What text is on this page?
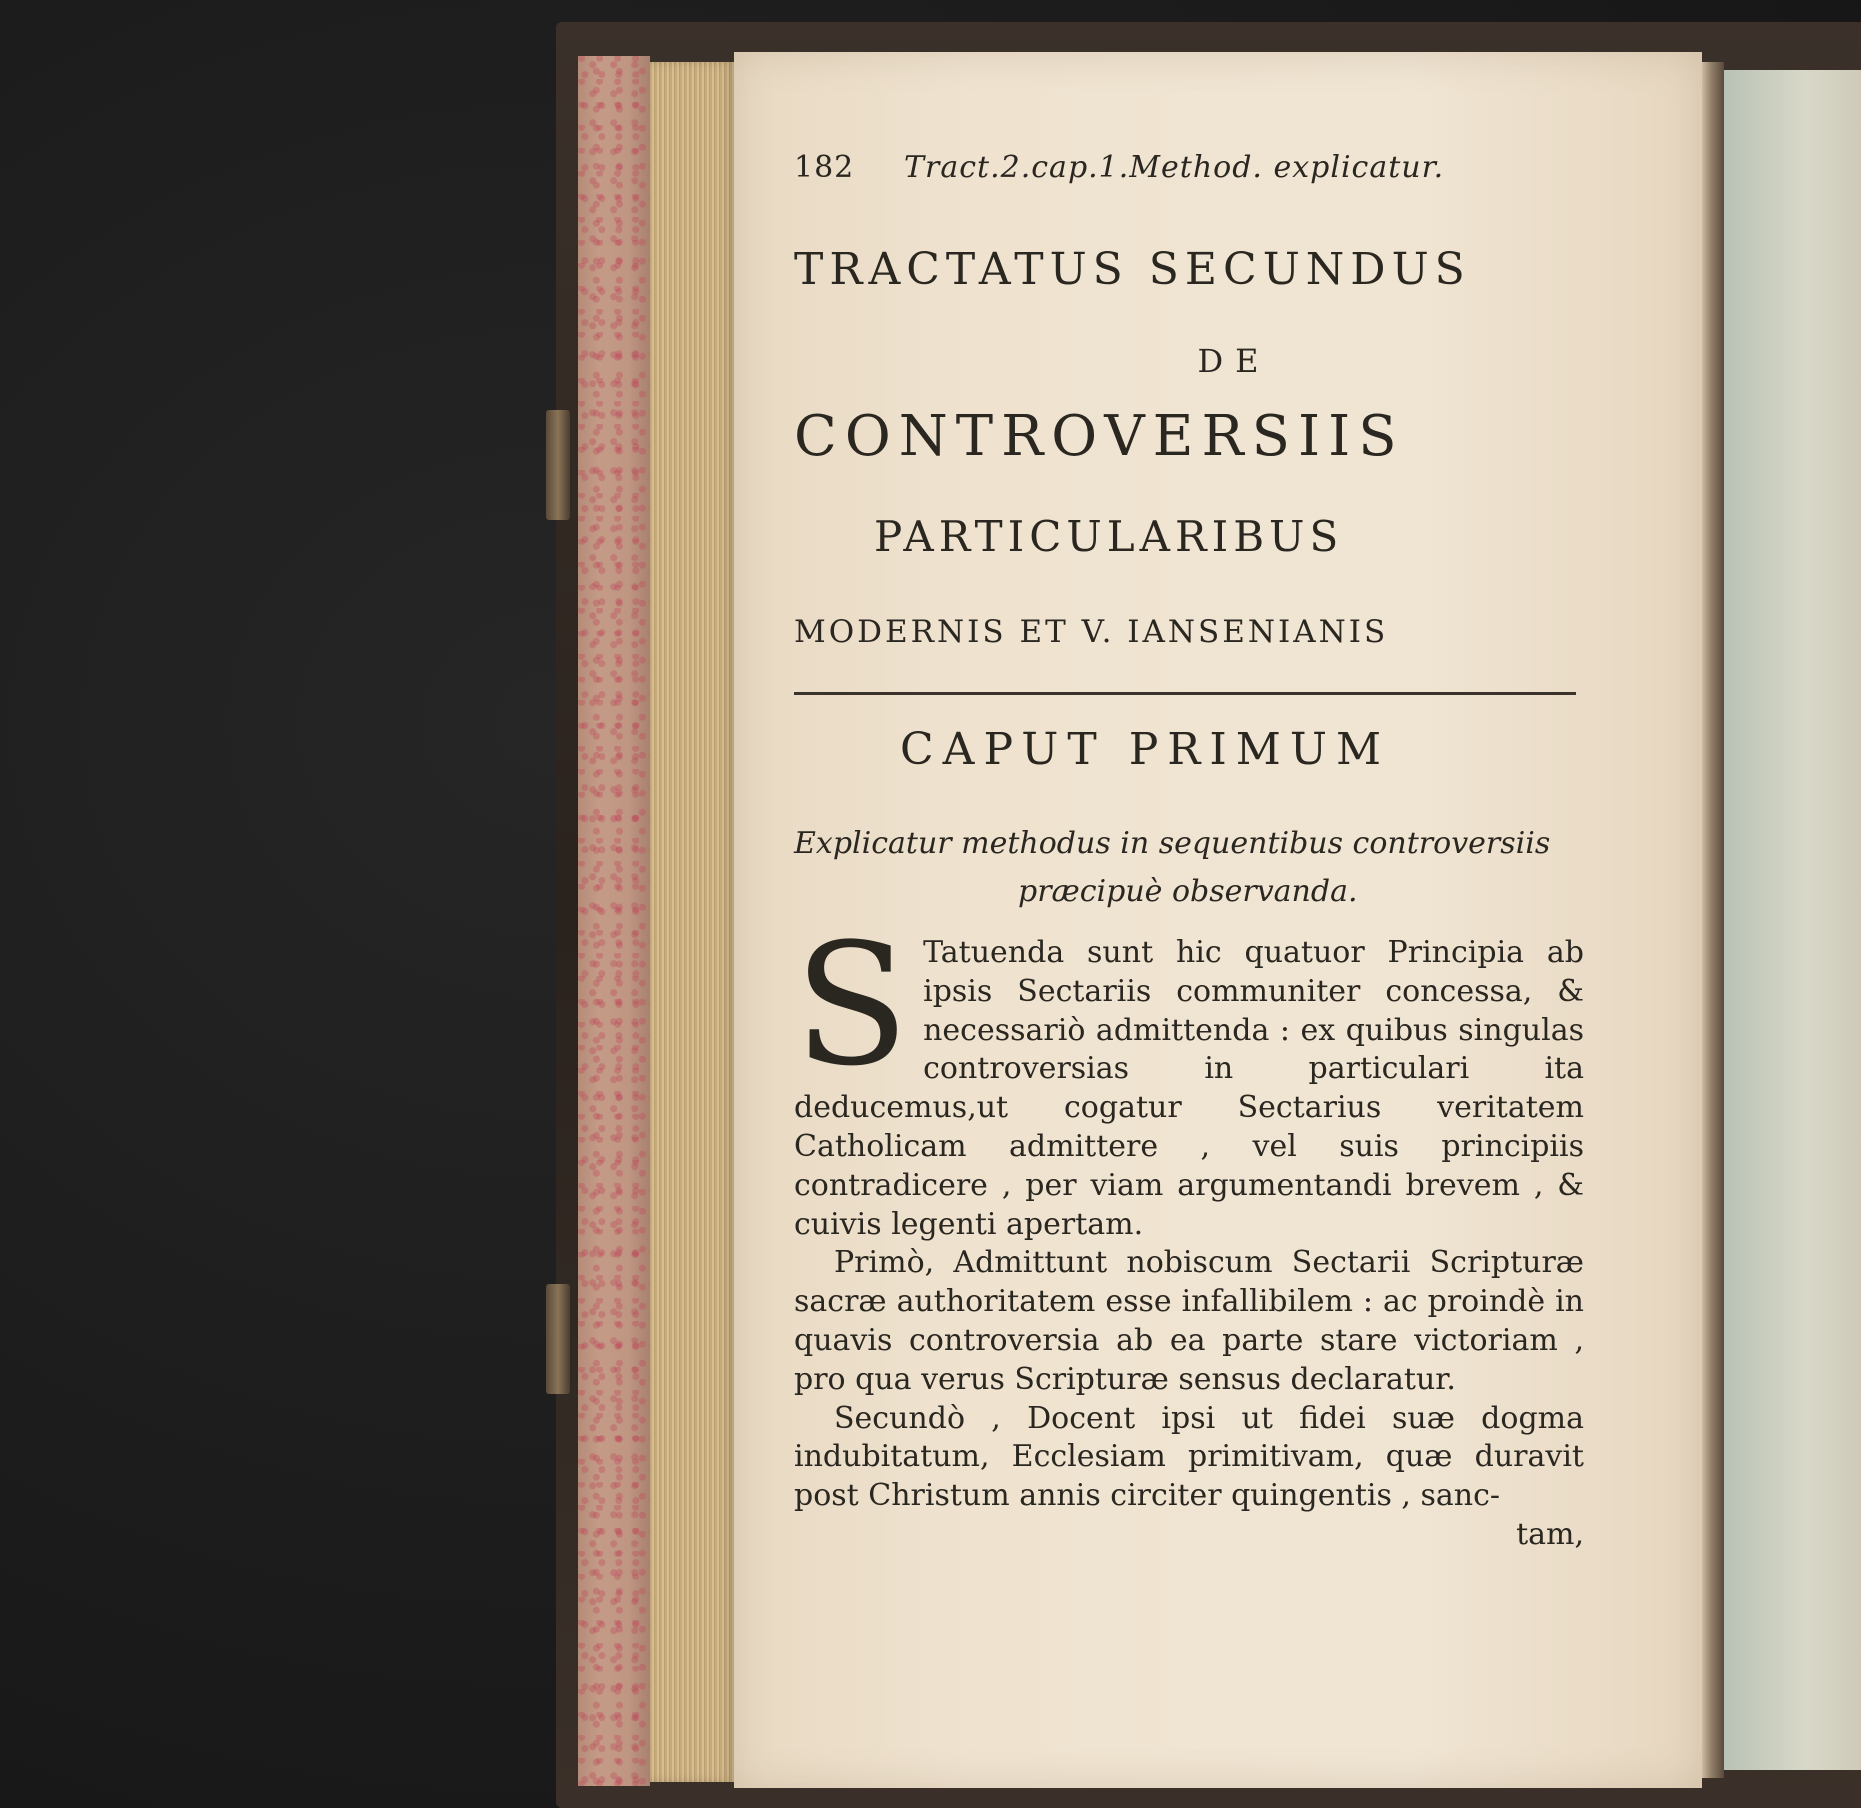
182 Tract.2.cap.1.Method. explicatur.
TRACTATUS SECUNDUS
DE
CONTROVERSIIS
PARTICULARIBUS
MODERNIS ET V. IANSENIANIS
CAPUT PRIMUM
Explicatur methodus in sequentibus controversiis
præcipuè observanda.

S Tatuenda sunt hic quatuor Principia ab ipsis Sectariis communiter concessa, & necessariò admittenda : ex quibus singulas controversias in particulari ita deducemus,ut cogatur Sectarius veritatem Catholicam admittere , vel suis principiis contradicere , per viam argumentandi brevem , & cuivis legenti apertam.

Primò, Admittunt nobiscum Sectarii Scripturæ sacræ authoritatem esse infallibilem : ac proindè in quavis controversia ab ea parte stare victoriam , pro qua verus Scripturæ sensus declaratur.

Secundò , Docent ipsi ut fidei suæ dogma indubitatum, Ecclesiam primitivam, quæ duravit post Christum annis circiter quingentis , sanc-

tam,
